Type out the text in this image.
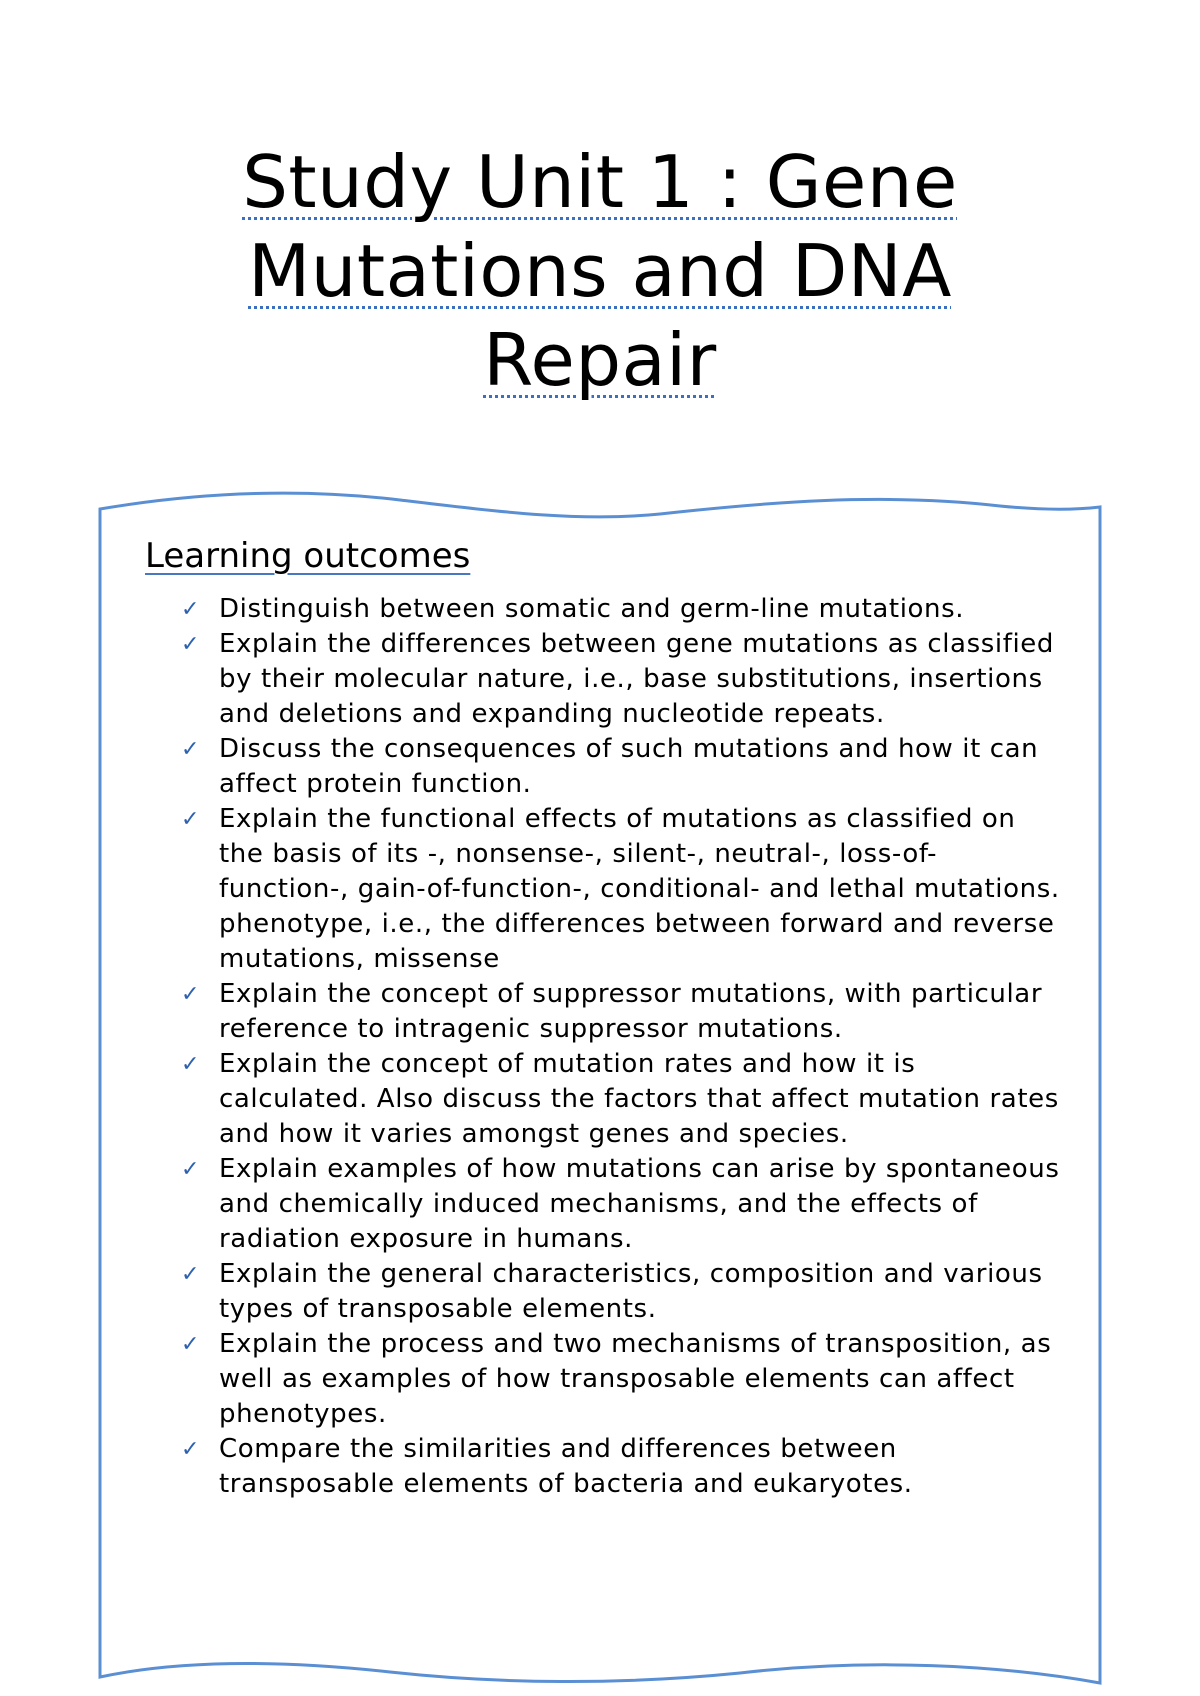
Study Unit 1 : Gene
Mutations and DNA
Repair
Learning outcomes
✓ Distinguish between somatic and germ-line mutations.
✓ Explain the differences between gene mutations as classified by their molecular nature, i.e., base substitutions, insertions and deletions and expanding nucleotide repeats.
✓ Discuss the consequences of such mutations and how it can affect protein function.
✓ Explain the functional effects of mutations as classified on the basis of its -, nonsense-, silent-, neutral-, loss-of-function-, gain-of-function-, conditional- and lethal mutations. phenotype, i.e., the differences between forward and reverse mutations, missense
✓ Explain the concept of suppressor mutations, with particular reference to intragenic suppressor mutations.
✓ Explain the concept of mutation rates and how it is calculated. Also discuss the factors that affect mutation rates and how it varies amongst genes and species.
✓ Explain examples of how mutations can arise by spontaneous and chemically induced mechanisms, and the effects of radiation exposure in humans.
✓ Explain the general characteristics, composition and various types of transposable elements.
✓ Explain the process and two mechanisms of transposition, as well as examples of how transposable elements can affect phenotypes.
✓ Compare the similarities and differences between transposable elements of bacteria and eukaryotes.
